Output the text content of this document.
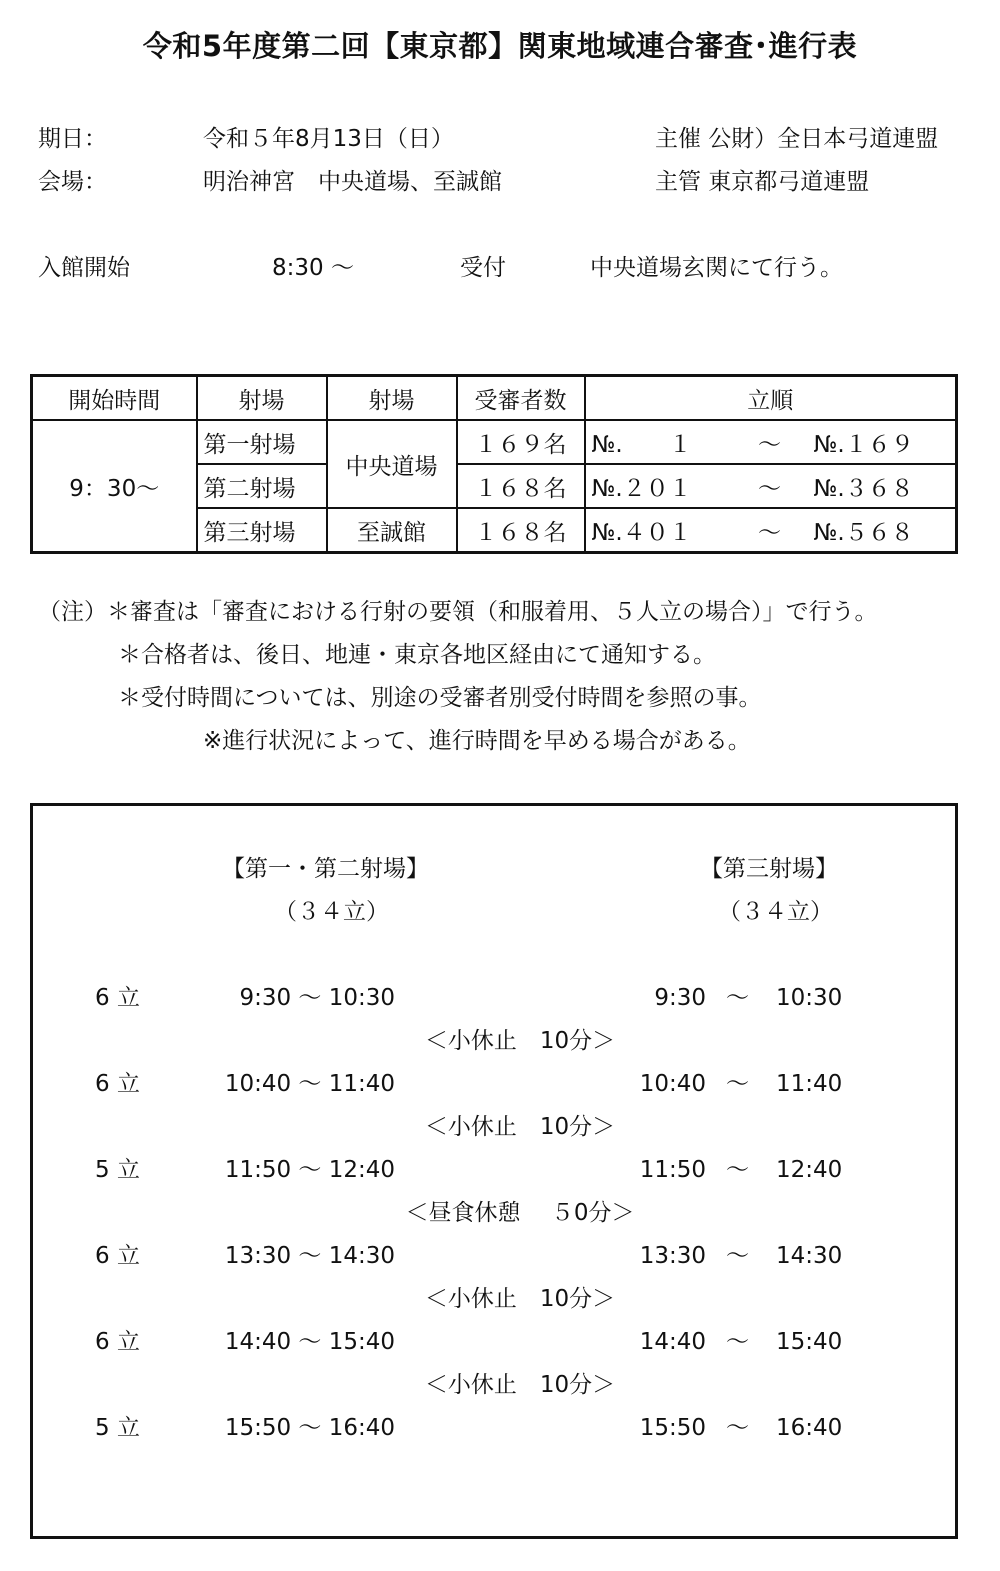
令和5年度第二回【東京都】関東地域連合審査･進行表
期日：	令和５年8月13日（日）	主催 公財）全日本弓道連盟
会場：	明治神宮　中央道場、至誠館	主管 東京都弓道連盟
入館開始	8:30 ～	受付	中央道場玄関にて行う。
開始時間	射場	射場	受審者数	立順
9：30～	第一射場	中央道場	１６９名	№.　　１ ～ №.１６９
	第二射場		１６８名	№.２０１ ～ №.３６８
	第三射場	至誠館	１６８名	№.４０１ ～ №.５６８
（注）＊審査は「審査における行射の要領（和服着用、５人立の場合）」で行う。
＊合格者は、後日、地連・東京各地区経由にて通知する。
＊受付時間については、別途の受審者別受付時間を参照の事。
※進行状況によって、進行時間を早める場合がある。
【第一・第二射場】
（３４立）
【第三射場】
（３４立）
6 立	9:30 ～ 10:30	9:30 ～ 10:30
＜小休止　10分＞
6 立	10:40 ～ 11:40	10:40 ～ 11:40
＜小休止　10分＞
5 立	11:50 ～ 12:40	11:50 ～ 12:40
＜昼食休憩　 ５0分＞
6 立	13:30 ～ 14:30	13:30 ～ 14:30
＜小休止　10分＞
6 立	14:40 ～ 15:40	14:40 ～ 15:40
＜小休止　10分＞
5 立	15:50 ～ 16:40	15:50 ～ 16:40
